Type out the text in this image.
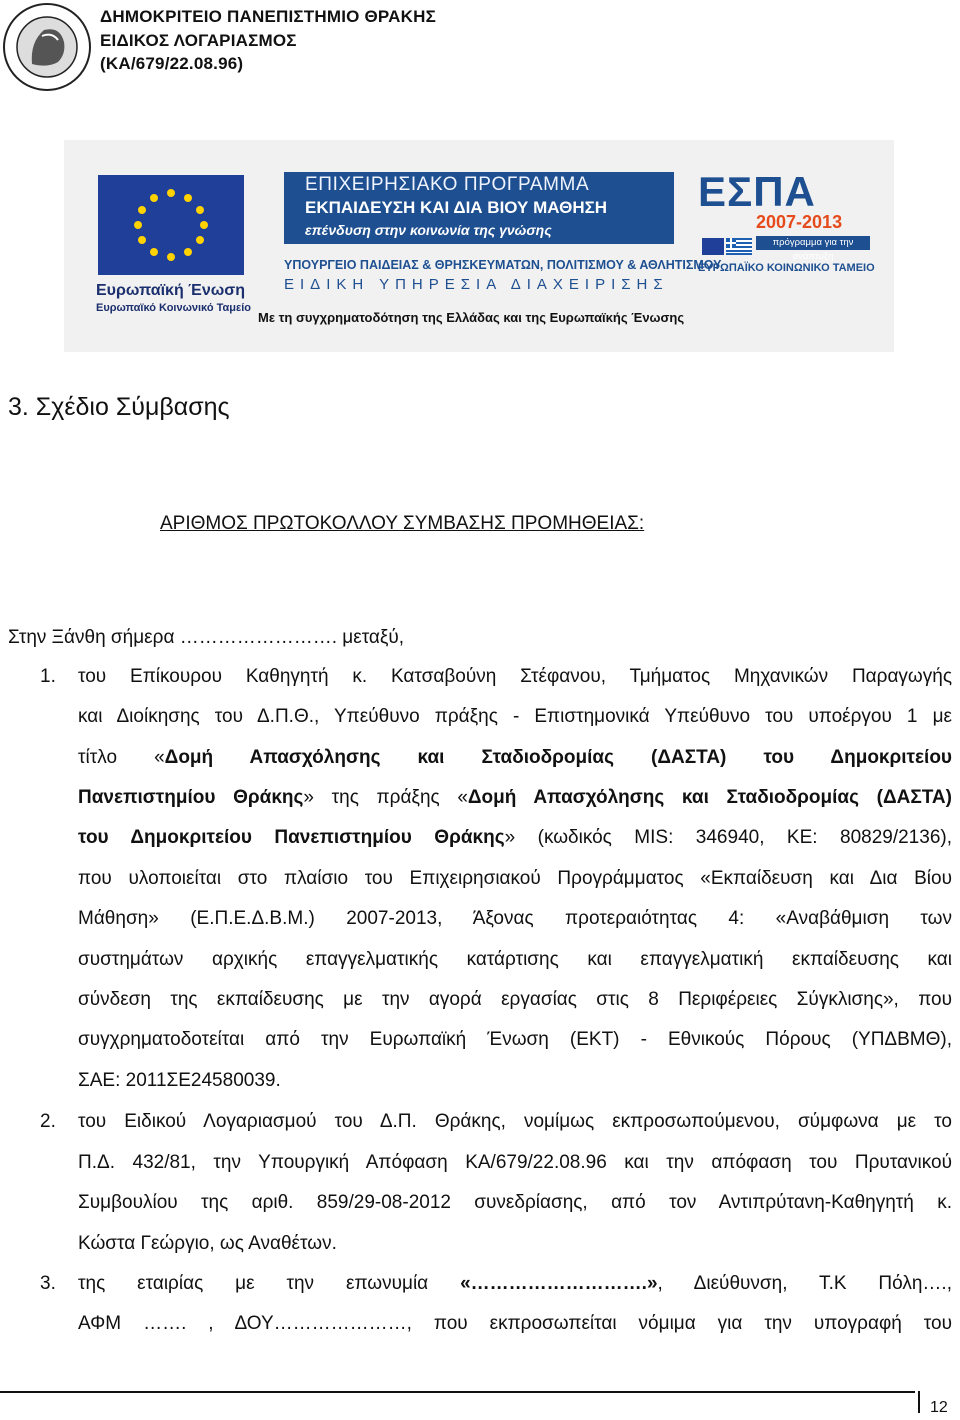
ΔΗΜΟΚΡΙΤΕΙΟ ΠΑΝΕΠΙΣΤΗΜΙΟ ΘΡΑΚΗΣ
ΕΙΔΙΚΟΣ ΛΟΓΑΡΙΑΣΜΟΣ
(ΚΑ/679/22.08.96)
Ευρωπαϊκή Ένωση
Ευρωπαϊκό Κοινωνικό Ταμείο
ΕΠΙΧΕΙΡΗΣΙΑΚΟ ΠΡΟΓΡΑΜΜΑ
ΕΚΠΑΙΔΕΥΣΗ ΚΑΙ ΔΙΑ ΒΙΟΥ ΜΑΘΗΣΗ
επένδυση στην κοινωνία της γνώσης
ΥΠΟΥΡΓΕΙΟ ΠΑΙΔΕΙΑΣ & ΘΡΗΣΚΕΥΜΑΤΩΝ, ΠΟΛΙΤΙΣΜΟΥ & ΑΘΛΗΤΙΣΜΟΥ
ΕΙΔΙΚΗ ΥΠΗΡΕΣΙΑ ΔΙΑΧΕΙΡΙΣΗΣ
Με τη συγχρηματοδότηση της Ελλάδας και της Ευρωπαϊκής Ένωσης
ΕΣΠΑ
2007-2013
πρόγραμμα για την ανάπτυξη
ΕΥΡΩΠΑΪΚΟ ΚΟΙΝΩΝΙΚΟ ΤΑΜΕΙΟ
3. Σχέδιο Σύμβασης
ΑΡΙΘΜΟΣ ΠΡΩΤΟΚΟΛΛΟΥ ΣΥΜΒΑΣΗΣ ΠΡΟΜΗΘΕΙΑΣ:
Στην Ξάνθη σήμερα ……………………. μεταξύ,
1. του Επίκουρου Καθηγητή κ. Κατσαβούνη Στέφανου, Τμήματος Μηχανικών Παραγωγής
και Διοίκησης του Δ.Π.Θ., Υπεύθυνο πράξης - Επιστημονικά Υπεύθυνο του υποέργου 1 με
τίτλο «Δομή Απασχόλησης και Σταδιοδρομίας (ΔΑΣΤΑ) του Δημοκριτείου
Πανεπιστημίου Θράκης» της πράξης «Δομή Απασχόλησης και Σταδιοδρομίας (ΔΑΣΤΑ)
του Δημοκριτείου Πανεπιστημίου Θράκης» (κωδικός MIS: 346940, ΚΕ: 80829/2136),
που υλοποιείται στο πλαίσιο του Επιχειρησιακού Προγράμματος «Εκπαίδευση και Δια Βίου
Μάθηση» (Ε.Π.Ε.Δ.Β.Μ.) 2007-2013, Άξονας προτεραιότητας 4: «Αναβάθμιση των
συστημάτων αρχικής επαγγελματικής κατάρτισης και επαγγελματική εκπαίδευσης και
σύνδεση της εκπαίδευσης με την αγορά εργασίας στις 8 Περιφέρειες Σύγκλισης», που
συγχρηματοδοτείται από την Ευρωπαϊκή Ένωση (ΕΚΤ) - Εθνικούς Πόρους (ΥΠΔΒΜΘ),
ΣΑΕ: 2011ΣΕ24580039.
2. του Ειδικού Λογαριασμού του Δ.Π. Θράκης, νομίμως εκπροσωπούμενου, σύμφωνα με το
Π.Δ. 432/81, την Υπουργική Απόφαση ΚΑ/679/22.08.96 και την απόφαση του Πρυτανικού
Συμβουλίου της αριθ. 859/29-08-2012 συνεδρίασης, από τον Αντιπρύτανη-Καθηγητή κ.
Κώστα Γεώργιο, ως Αναθέτων.
3. της εταιρίας με την επωνυμία «……………………….», Διεύθυνση, Τ.Κ Πόλη….,
ΑΦΜ ……. , ΔΟΥ…………………, που εκπροσωπείται νόμιμα για την υπογραφή του
12
